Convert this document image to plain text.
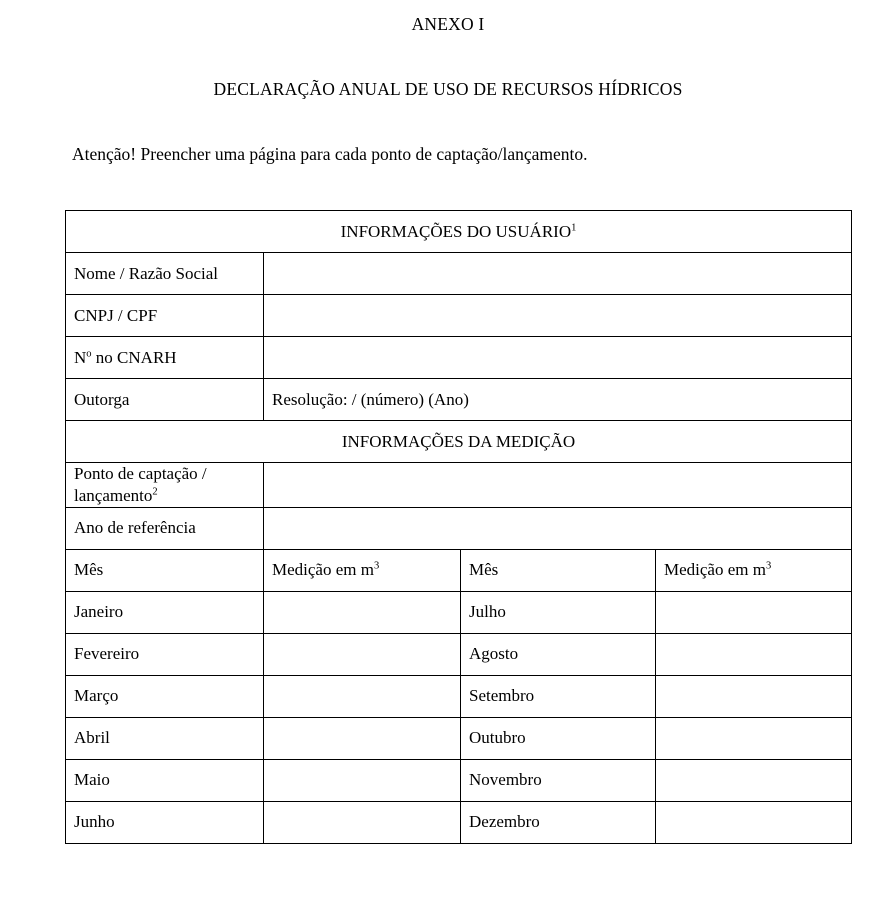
ANEXO I
DECLARAÇÃO ANUAL DE USO DE RECURSOS HÍDRICOS
Atenção! Preencher uma página para cada ponto de captação/lançamento.
INFORMAÇÕES DO USUÁRIO$^1$
Nome / Razão Social			
CNPJ / CPF			
$N^o$ no CNARH			
Outorga	Resolução: / (número) (Ano)		
INFORMAÇÕES DA MEDIÇÃO			
Ponto de captação /
lançamento$^2$	
Ano de referência			
Mês	Medição em $m^3$	Mês	Medição em $m^3$
Janeiro		Julho	
Fevereiro		Agosto	
Março		Setembro	
Abril		Outubro	
Maio		Novembro	
Junho		Dezembro	
